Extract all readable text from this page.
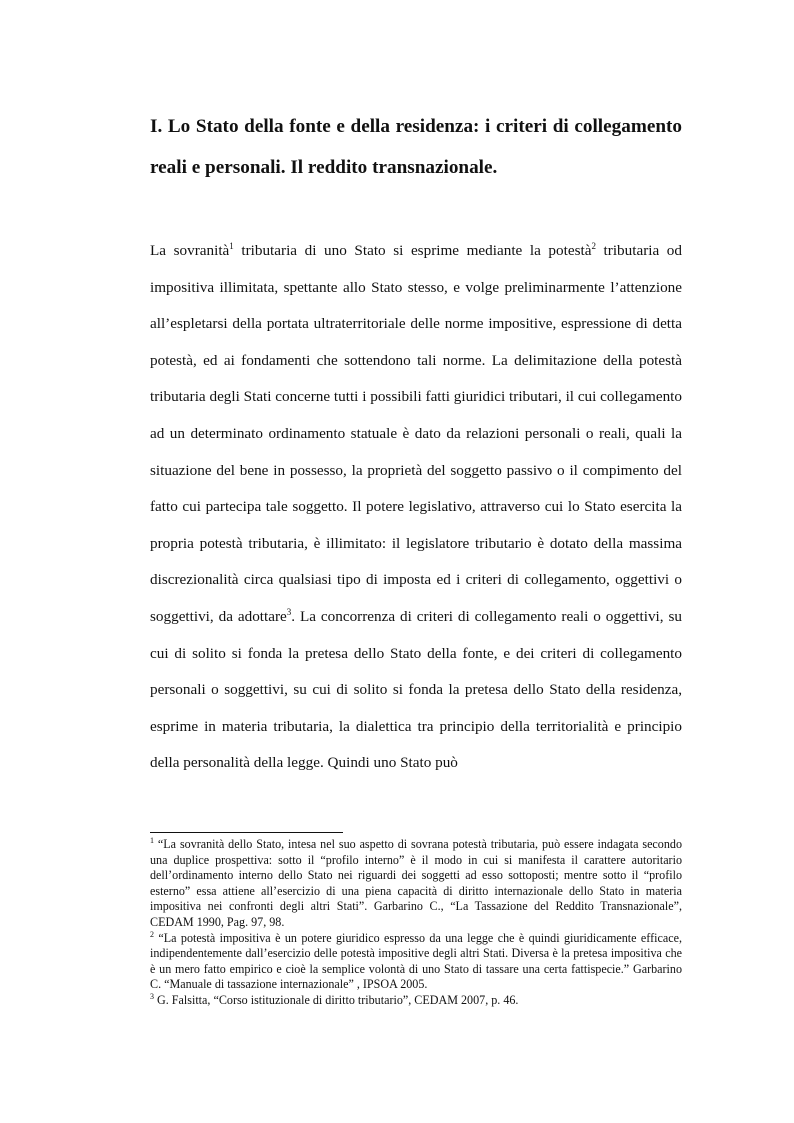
I. Lo Stato della fonte e della residenza: i criteri di collegamento reali e personali. Il reddito transnazionale.

La sovranità$^1$ tributaria di uno Stato si esprime mediante la potestà$^2$ tributaria od impositiva illimitata, spettante allo Stato stesso, e volge preliminarmente l’attenzione all’espletarsi della portata ultraterritoriale delle norme impositive, espressione di detta potestà, ed ai fondamenti che sottendono tali norme. La delimitazione della potestà tributaria degli Stati concerne tutti i possibili fatti giuridici tributari, il cui collegamento ad un determinato ordinamento statuale è dato da relazioni personali o reali, quali la situazione del bene in possesso, la proprietà del soggetto passivo o il compimento del fatto cui partecipa tale soggetto. Il potere legislativo, attraverso cui lo Stato esercita la propria potestà tributaria, è illimitato: il legislatore tributario è dotato della massima discrezionalità circa qualsiasi tipo di imposta ed i criteri di collegamento, oggettivi o soggettivi, da adottare$^3$. La concorrenza di criteri di collegamento reali o oggettivi, su cui di solito si fonda la pretesa dello Stato della fonte, e dei criteri di collegamento personali o soggettivi, su cui di solito si fonda la pretesa dello Stato della residenza, esprime in materia tributaria, la dialettica tra principio della territorialità e principio della personalità della legge. Quindi uno Stato può

$^1$ “La sovranità dello Stato, intesa nel suo aspetto di sovrana potestà tributaria, può essere indagata secondo una duplice prospettiva: sotto il “profilo interno” è il modo in cui si manifesta il carattere autoritario dell’ordinamento interno dello Stato nei riguardi dei soggetti ad esso sottoposti; mentre sotto il “profilo esterno” essa attiene all’esercizio di una piena capacità di diritto internazionale dello Stato in materia impositiva nei confronti degli altri Stati”. Garbarino C., “La Tassazione del Reddito Transnazionale”, CEDAM 1990, Pag. 97, 98.

$^2$ “La potestà impositiva è un potere giuridico espresso da una legge che è quindi giuridicamente efficace, indipendentemente dall’esercizio delle potestà impositive degli altri Stati. Diversa è la pretesa impositiva che è un mero fatto empirico e cioè la semplice volontà di uno Stato di tassare una certa fattispecie.” Garbarino C. “Manuale di tassazione internazionale” , IPSOA 2005.

$^3$ G. Falsitta, “Corso istituzionale di diritto tributario”, CEDAM 2007, p. 46.
